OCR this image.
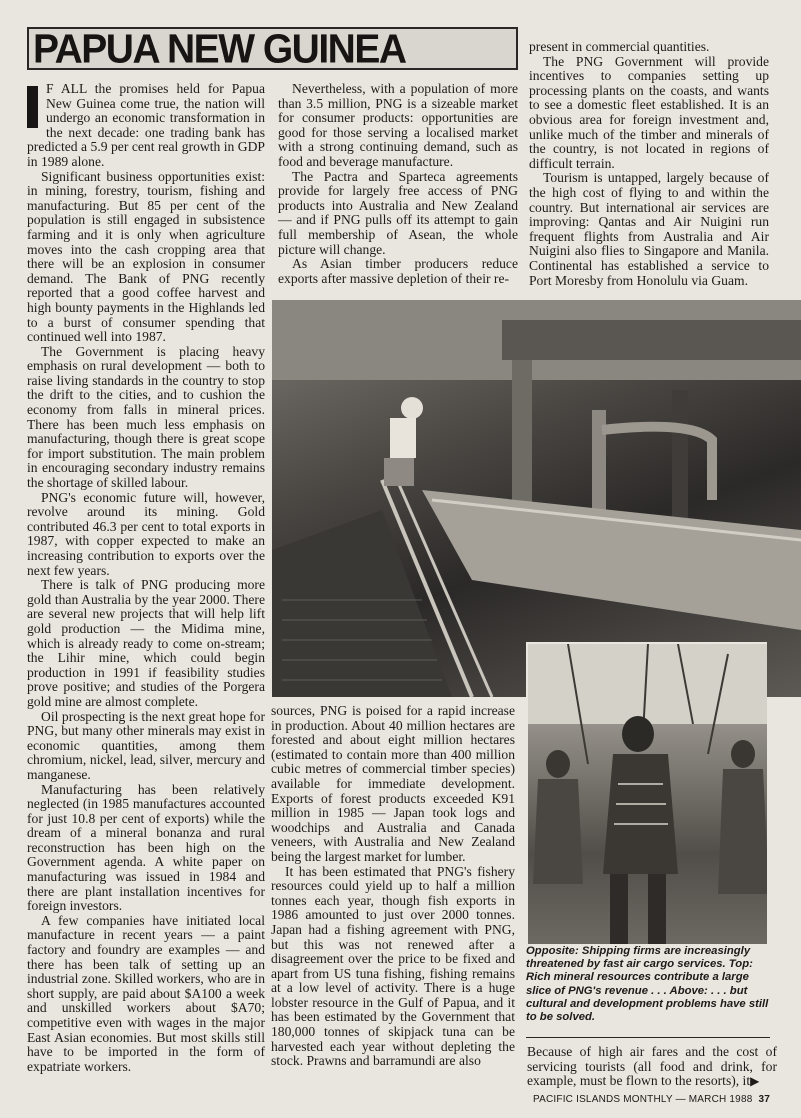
PAPUA NEW GUINEA

F ALL the promises held for Papua New Guinea come true, the nation will undergo an economic transformation in the next decade: one trading bank has predicted a 5.9 per cent real growth in GDP in 1989 alone.

Significant business opportunities exist: in mining, forestry, tourism, fishing and manufacturing. But 85 per cent of the population is still engaged in subsistence farming and it is only when agriculture moves into the cash cropping area that there will be an explosion in consumer demand. The Bank of PNG recently reported that a good coffee harvest and high bounty payments in the Highlands led to a burst of consumer spending that continued well into 1987.

The Government is placing heavy emphasis on rural development — both to raise living standards in the country to stop the drift to the cities, and to cushion the economy from falls in mineral prices. There has been much less emphasis on manufacturing, though there is great scope for import substitution. The main problem in encouraging secondary industry remains the shortage of skilled labour.

PNG's economic future will, however, revolve around its mining. Gold contributed 46.3 per cent to total exports in 1987, with copper expected to make an increasing contribution to exports over the next few years.

There is talk of PNG producing more gold than Australia by the year 2000. There are several new projects that will help lift gold production — the Midima mine, which is already ready to come on-stream; the Lihir mine, which could begin production in 1991 if feasibility studies prove positive; and studies of the Porgera gold mine are almost complete.

Oil prospecting is the next great hope for PNG, but many other minerals may exist in economic quantities, among them chromium, nickel, lead, silver, mercury and manganese.

Manufacturing has been relatively neglected (in 1985 manufactures accounted for just 10.8 per cent of exports) while the dream of a mineral bonanza and rural reconstruction has been high on the Government agenda. A white paper on manufacturing was issued in 1984 and there are plant installation incentives for foreign investors.

A few companies have initiated local manufacture in recent years — a paint factory and foundry are examples — and there has been talk of setting up an industrial zone. Skilled workers, who are in short supply, are paid about $A100 a week and unskilled workers about $A70; competitive even with wages in the major East Asian economies. But most skills still have to be imported in the form of expatriate workers.

Nevertheless, with a population of more than 3.5 million, PNG is a sizeable market for consumer products: opportunities are good for those serving a localised market with a strong continuing demand, such as food and beverage manufacture.

The Pactra and Sparteca agreements provide for largely free access of PNG products into Australia and New Zealand — and if PNG pulls off its attempt to gain full membership of Asean, the whole picture will change.

As Asian timber producers reduce exports after massive depletion of their re-

present in commercial quantities.

The PNG Government will provide incentives to companies setting up processing plants on the coasts, and wants to see a domestic fleet established. It is an obvious area for foreign investment and, unlike much of the timber and minerals of the country, is not located in regions of difficult terrain.

Tourism is untapped, largely because of the high cost of flying to and within the country. But international air services are improving: Qantas and Air Nuigini run frequent flights from Australia and Air Nuigini also flies to Singapore and Manila. Continental has established a service to Port Moresby from Honolulu via Guam.

sources, PNG is poised for a rapid increase in production. About 40 million hectares are forested and about eight million hectares (estimated to contain more than 400 million cubic metres of commercial timber species) available for immediate development. Exports of forest products exceeded K91 million in 1985 — Japan took logs and woodchips and Australia and Canada veneers, with Australia and New Zealand being the largest market for lumber.

It has been estimated that PNG's fishery resources could yield up to half a million tonnes each year, though fish exports in 1986 amounted to just over 2000 tonnes. Japan had a fishing agreement with PNG, but this was not renewed after a disagreement over the price to be fixed and apart from US tuna fishing, fishing remains at a low level of activity. There is a huge lobster resource in the Gulf of Papua, and it has been estimated by the Government that 180,000 tonnes of skipjack tuna can be harvested each year without depleting the stock. Prawns and barramundi are also

Opposite: Shipping firms are increasingly threatened by fast air cargo services. Top: Rich mineral resources contribute a large slice of PNG's revenue . . . Above: . . . but cultural and development problems have still to be solved.

Because of high air fares and the cost of servicing tourists (all food and drink, for example, must be flown to the resorts), it▶

PACIFIC ISLANDS MONTHLY — MARCH 1988 37
